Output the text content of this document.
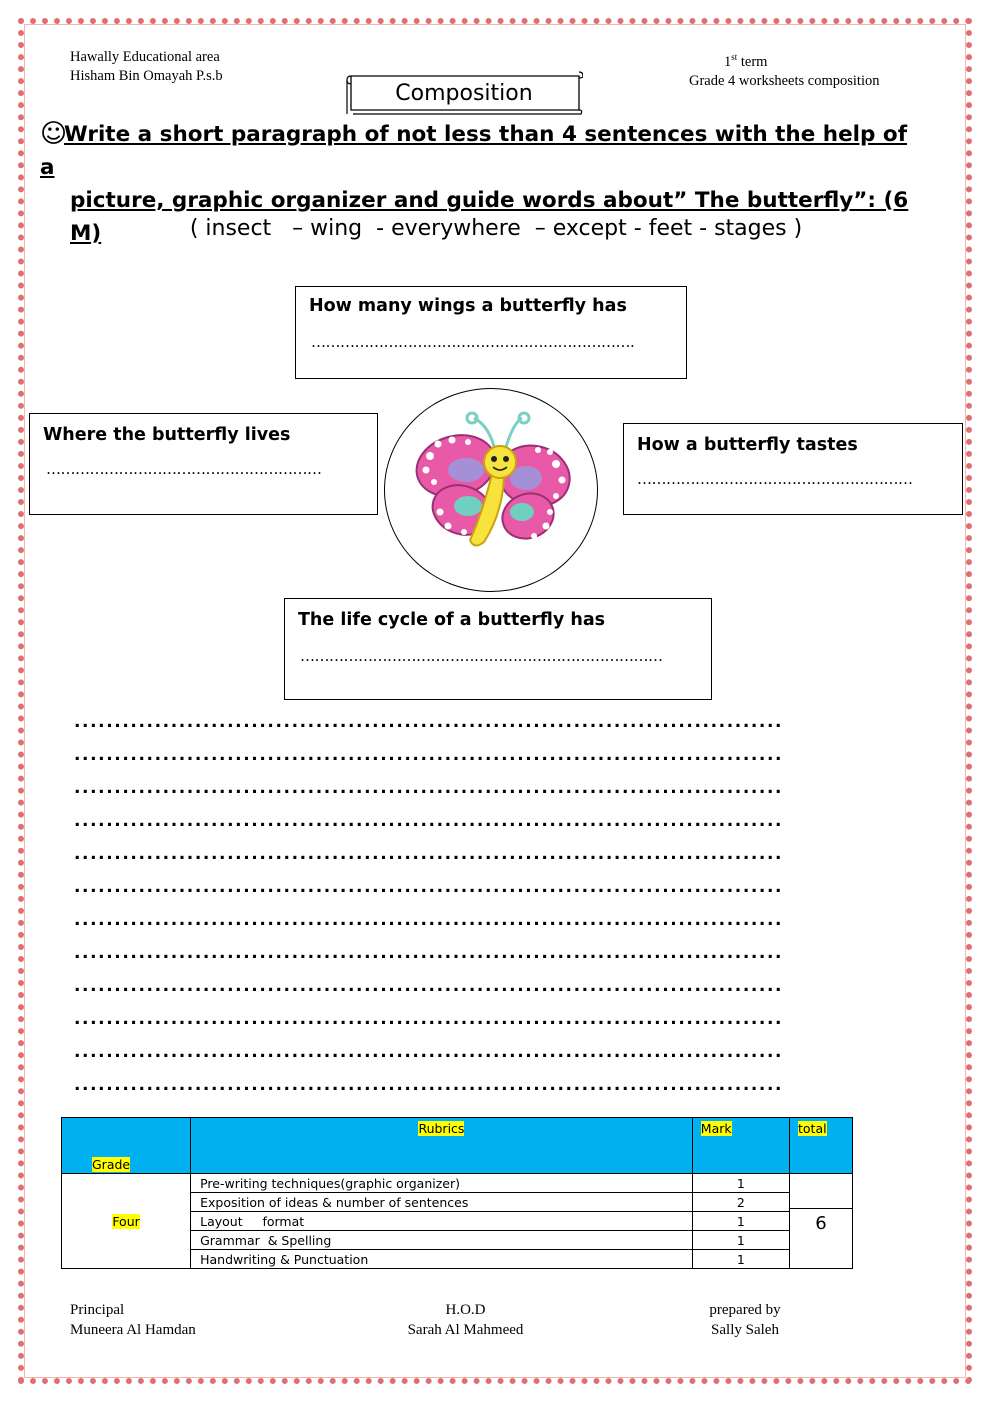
Hawally Educational area
Hisham Bin Omayah P.s.b
1st term
Grade 4 worksheets composition
Composition
☺Write a short paragraph of not less than 4 sentences with the help of a
picture, graphic organizer and guide words about” The butterfly”: (6 M)	( insect   – wing  - everywhere  – except - feet - stages )
How many wings a butterfly has
………………………………………………………….
Where the butterfly lives
…………………………………………………
How a butterfly tastes
…………………………………………………
The life cycle of a butterfly has
…………………………………………………………………
........................................................................................
........................................................................................
........................................................................................
........................................................................................
........................................................................................
........................................................................................
........................................................................................
........................................................................................
........................................................................................
........................................................................................
........................................................................................
........................................................................................
Grade	Rubrics	Mark	total
Four	Pre-writing techniques(graphic organizer)	1	6

	Exposition of ideas & number of sentences	2	
	Layout     format	1	
	Grammar  & Spelling	1	
	Handwriting & Punctuation	1	
Principal
Muneera Al Hamdan
H.O.D
Sarah Al Mahmeed
prepared by
Sally Saleh
